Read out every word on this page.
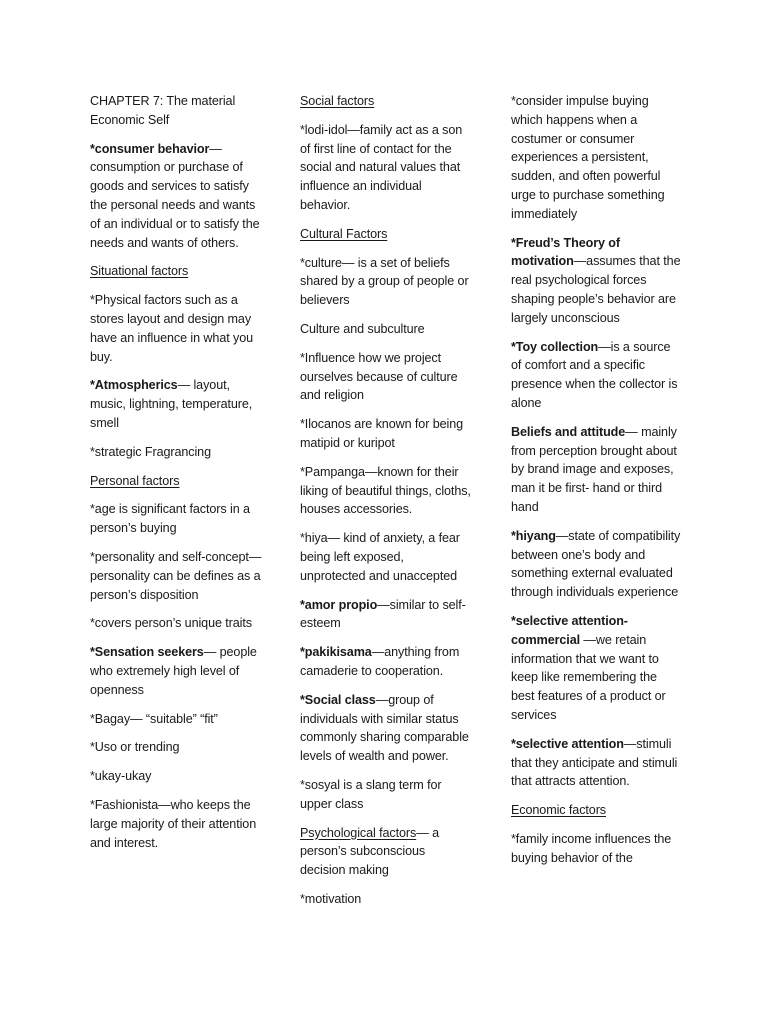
CHAPTER 7: The material Economic Self

*consumer behavior— consumption or purchase of goods and services to satisfy the personal needs and wants of an individual or to satisfy the needs and wants of others.

Situational factors

*Physical factors such as a stores layout and design may have an influence in what you buy.

*Atmospherics— layout, music, lightning, temperature, smell

*strategic Fragrancing

Personal factors

*age is significant factors in a person’s buying

*personality and self-concept— personality can be defines as a person’s disposition

*covers person’s unique traits

*Sensation seekers— people who extremely high level of openness

*Bagay— “suitable” “fit”

*Uso or trending

*ukay-ukay

*Fashionista—who keeps the large majority of their attention and interest.

Social factors

*lodi-idol—family act as a son of first line of contact for the social and natural values that influence an individual behavior.

Cultural Factors

*culture— is a set of beliefs shared by a group of people or believers

Culture and subculture

*Influence how we project ourselves because of culture and religion

*Ilocanos are known for being matipid or kuripot

*Pampanga—known for their liking of beautiful things, cloths, houses accessories.

*hiya— kind of anxiety, a fear being left exposed, unprotected and unaccepted

*amor propio—similar to self-esteem

*pakikisama—anything from camaderie to cooperation.

*Social class—group of individuals with similar status commonly sharing comparable levels of wealth and power.

*sosyal is a slang term for upper class

Psychological factors— a person’s subconscious decision making

*motivation

*consider impulse buying which happens when a costumer or consumer experiences a persistent, sudden, and often powerful urge to purchase something immediately

*Freud’s Theory of motivation—assumes that the real psychological forces shaping people’s behavior are largely unconscious

*Toy collection—is a source of comfort and a specific presence when the collector is alone

Beliefs and attitude— mainly from perception brought about by brand image and exposes, man it be first- hand or third hand

*hiyang—state of compatibility between one’s body and something external evaluated through individuals experience

*selective attention-commercial —we retain information that we want to keep like remembering the best features of a product or services

*selective attention—stimuli that they anticipate and stimuli that attracts attention.

Economic factors

*family income influences the buying behavior of the
